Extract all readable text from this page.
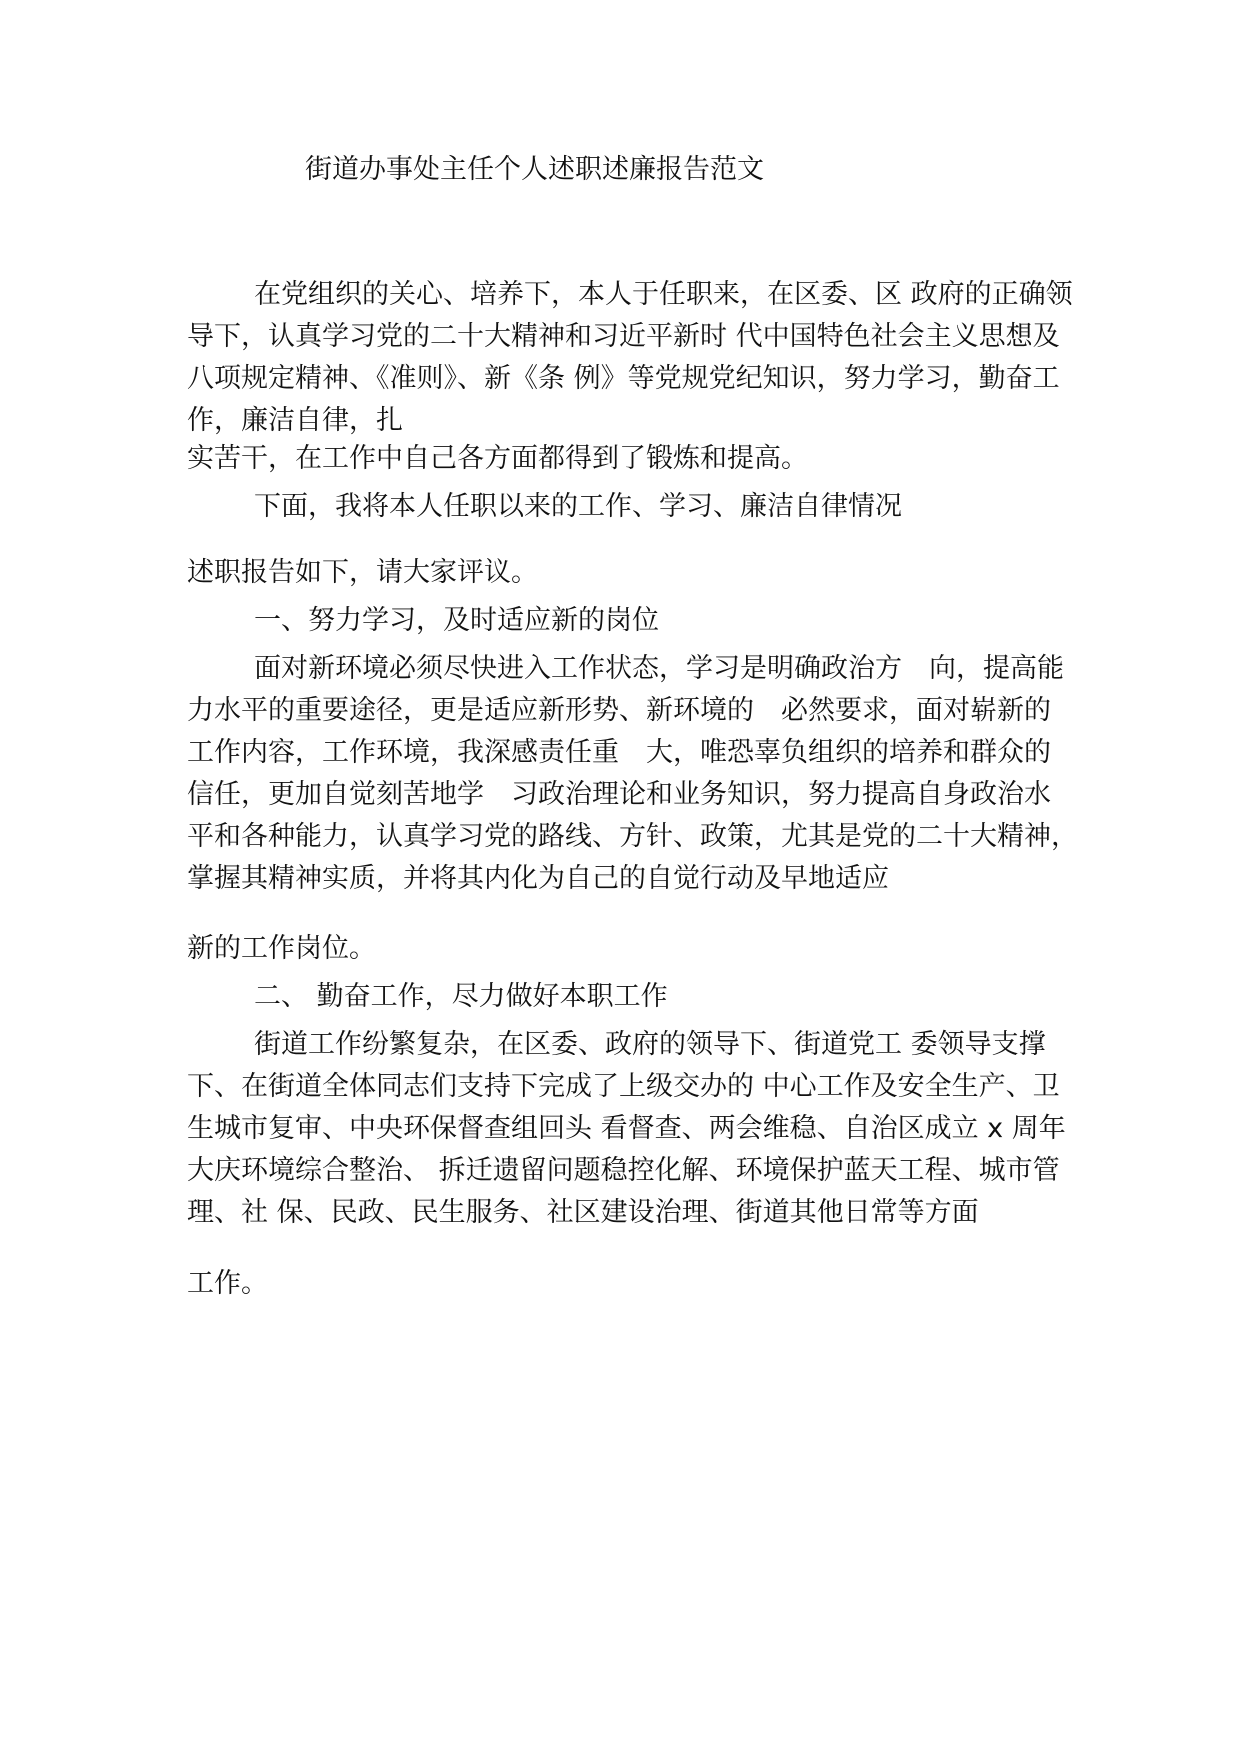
街道办事处主任个人述职述廉报告范文

在党组织的关心、培养下，本人于任职来，在区委、区 政府的正确领导下，认真学习党的二十大精神和习近平新时 代中国特色社会主义思想及八项规定精神、《准则》、新《条 例》等党规党纪知识，努力学习，勤奋工作，廉洁自律，扎

实苦干，在工作中自己各方面都得到了锻炼和提高。

下面，我将本人任职以来的工作、学习、廉洁自律情况

述职报告如下，请大家评议。

一、努力学习，及时适应新的岗位

面对新环境必须尽快进入工作状态，学习是明确政治方　向，提高能力水平的重要途径，更是适应新形势、新环境的　必然要求，面对崭新的工作内容，工作环境，我深感责任重　大，唯恐辜负组织的培养和群众的信任，更加自觉刻苦地学　习政治理论和业务知识，努力提高自身政治水平和各种能力，认真学习党的路线、方针、政策，尤其是党的二十大精神，　掌握其精神实质，并将其内化为自己的自觉行动及早地适应

新的工作岗位。

二、 勤奋工作，尽力做好本职工作

街道工作纷繁复杂，在区委、政府的领导下、街道党工 委领导支撑下、在街道全体同志们支持下完成了上级交办的 中心工作及安全生产、卫生城市复审、中央环保督查组回头 看督查、两会维稳、自治区成立 x 周年大庆环境综合整治、 拆迁遗留问题稳控化解、环境保护蓝天工程、城市管理、社 保、民政、民生服务、社区建设治理、街道其他日常等方面

工作。
